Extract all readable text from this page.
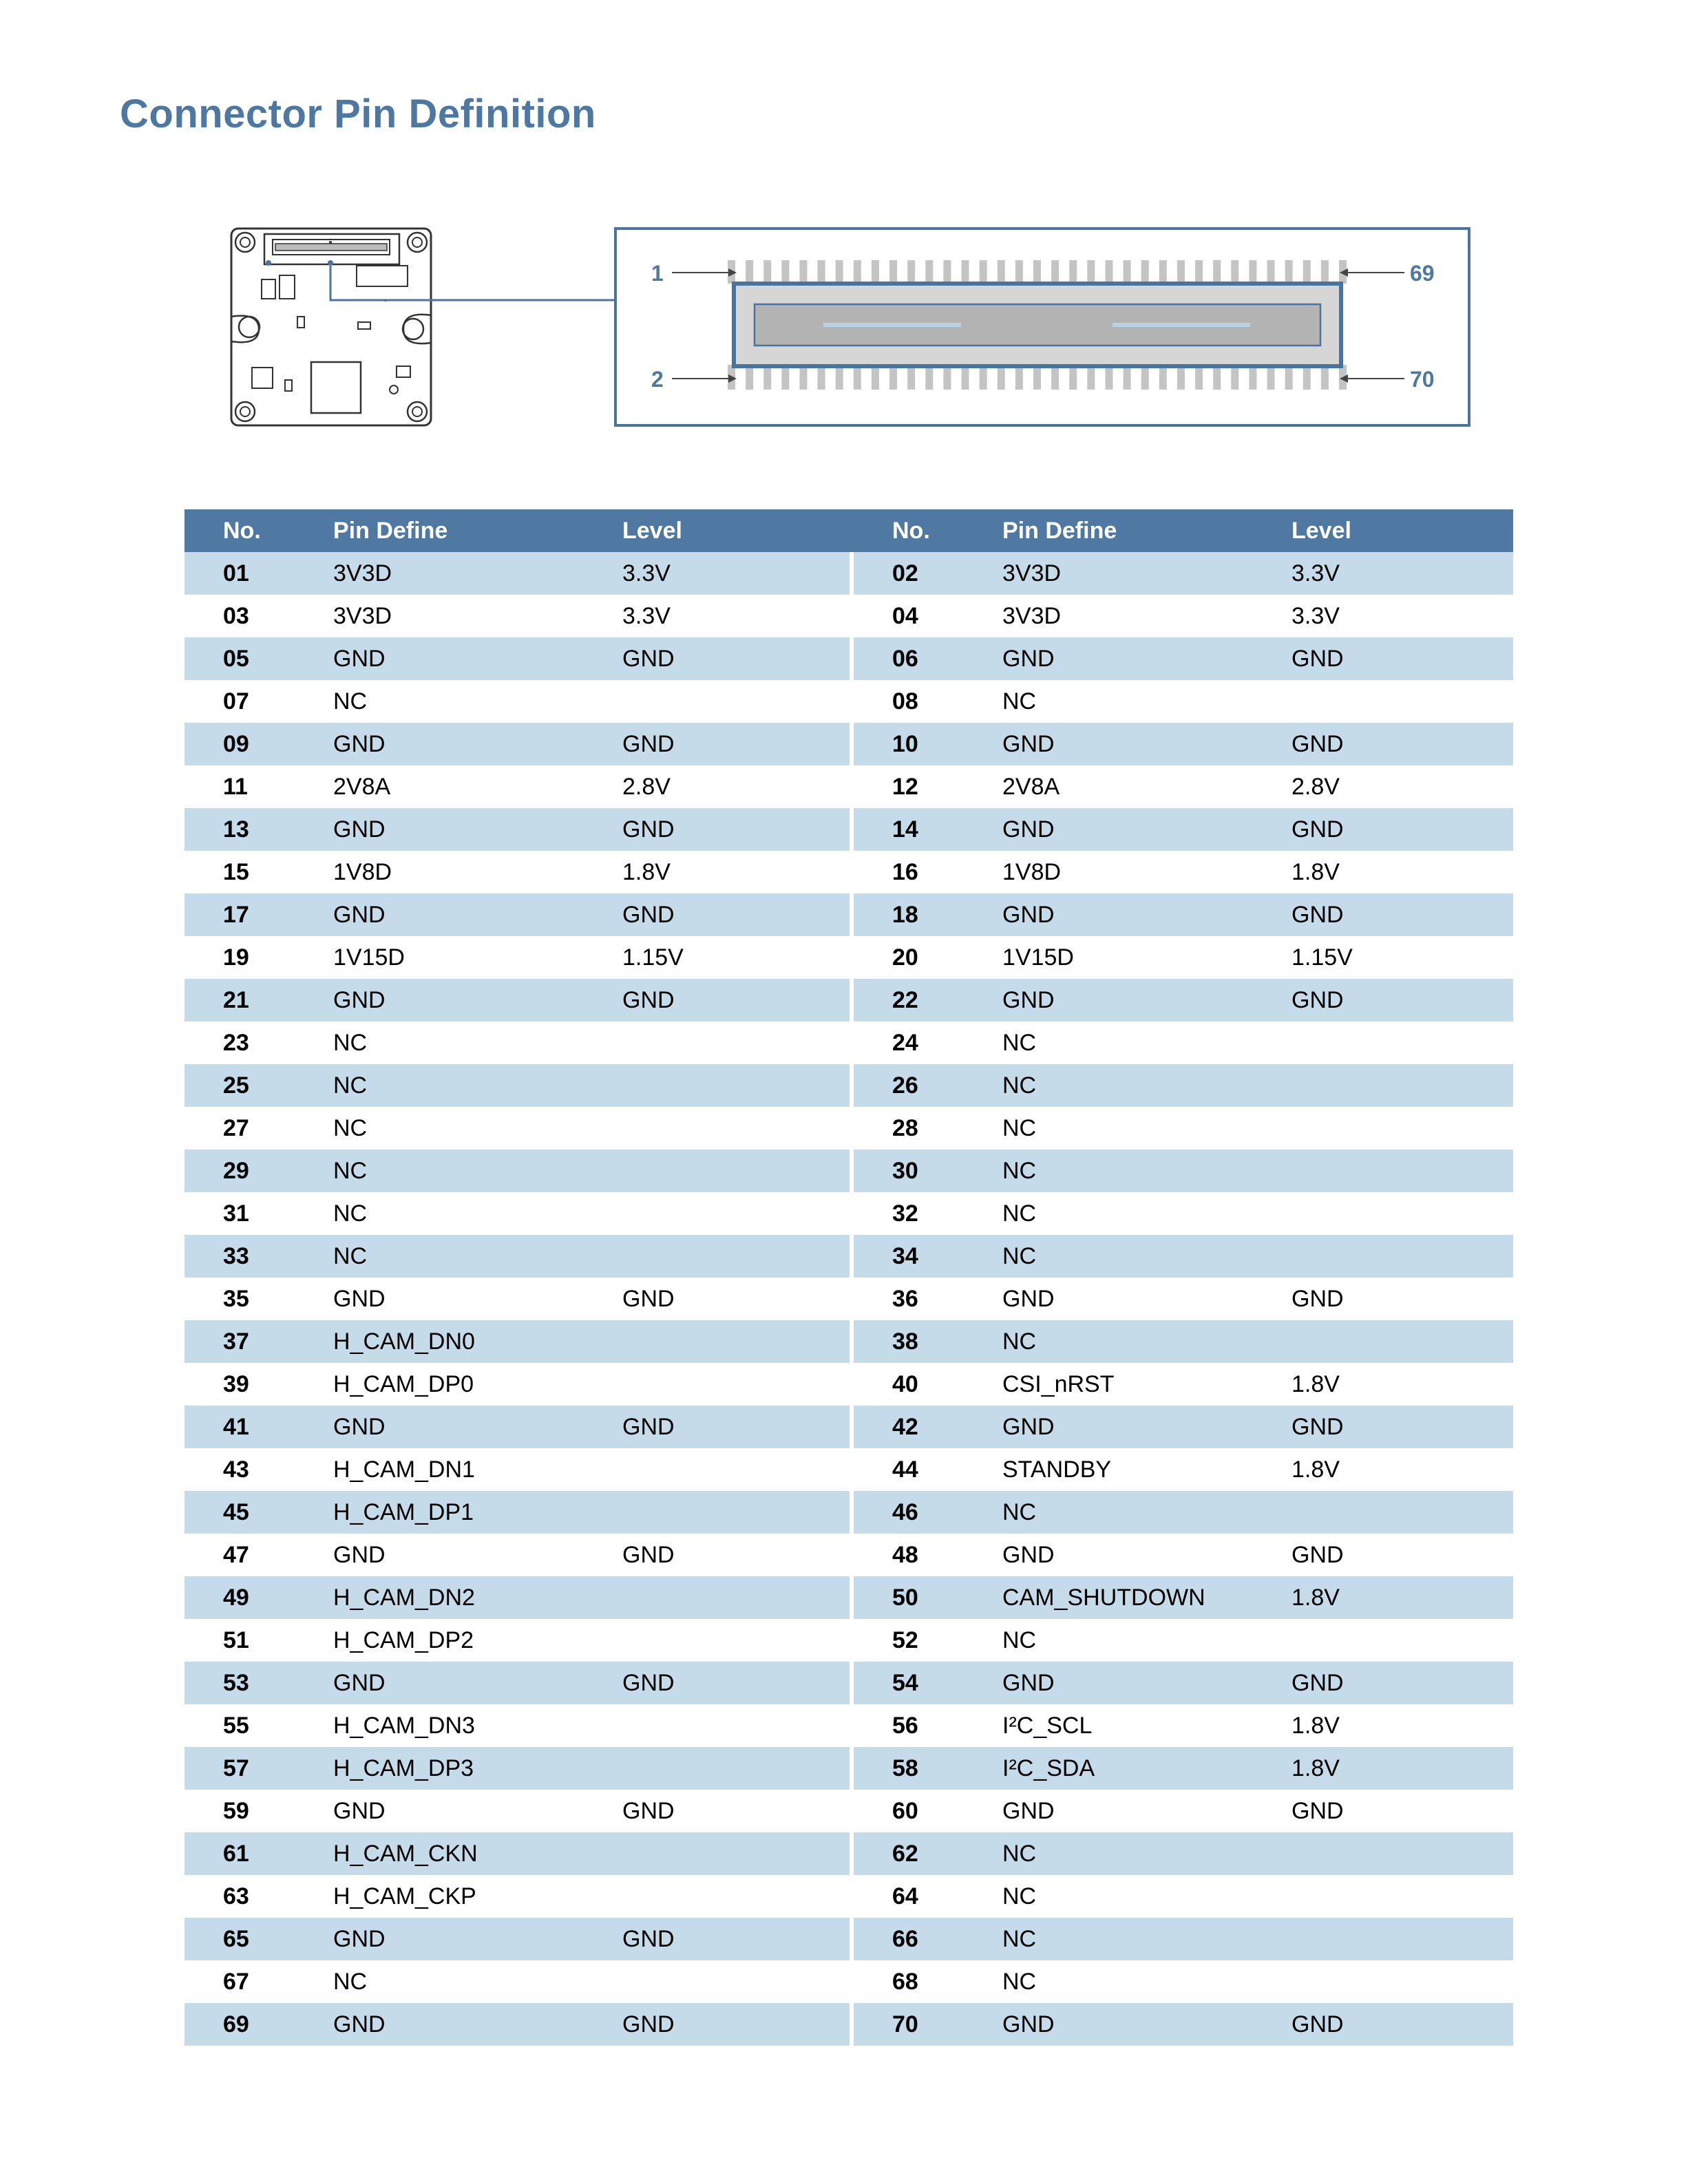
Connector Pin Definition
1
2
69
70
No.	Pin Define	Level		No.	Pin Define	Level
01	3V3D	3.3V		02	3V3D	3.3V
03	3V3D	3.3V		04	3V3D	3.3V
05	GND	GND		06	GND	GND
07	NC			08	NC	
09	GND	GND		10	GND	GND
11	2V8A	2.8V		12	2V8A	2.8V
13	GND	GND		14	GND	GND
15	1V8D	1.8V		16	1V8D	1.8V
17	GND	GND		18	GND	GND
19	1V15D	1.15V		20	1V15D	1.15V
21	GND	GND		22	GND	GND
23	NC			24	NC	
25	NC			26	NC	
27	NC			28	NC	
29	NC			30	NC	
31	NC			32	NC	
33	NC			34	NC	
35	GND	GND		36	GND	GND
37	H_CAM_DN0			38	NC	
39	H_CAM_DP0			40	CSI_nRST	1.8V
41	GND	GND		42	GND	GND
43	H_CAM_DN1			44	STANDBY	1.8V
45	H_CAM_DP1			46	NC	
47	GND	GND		48	GND	GND
49	H_CAM_DN2			50	CAM_SHUTDOWN	1.8V
51	H_CAM_DP2			52	NC	
53	GND	GND		54	GND	GND
55	H_CAM_DN3			56	I²C_SCL	1.8V
57	H_CAM_DP3			58	I²C_SDA	1.8V
59	GND	GND		60	GND	GND
61	H_CAM_CKN			62	NC	
63	H_CAM_CKP			64	NC	
65	GND	GND		66	NC	
67	NC			68	NC	
69	GND	GND		70	GND	GND
